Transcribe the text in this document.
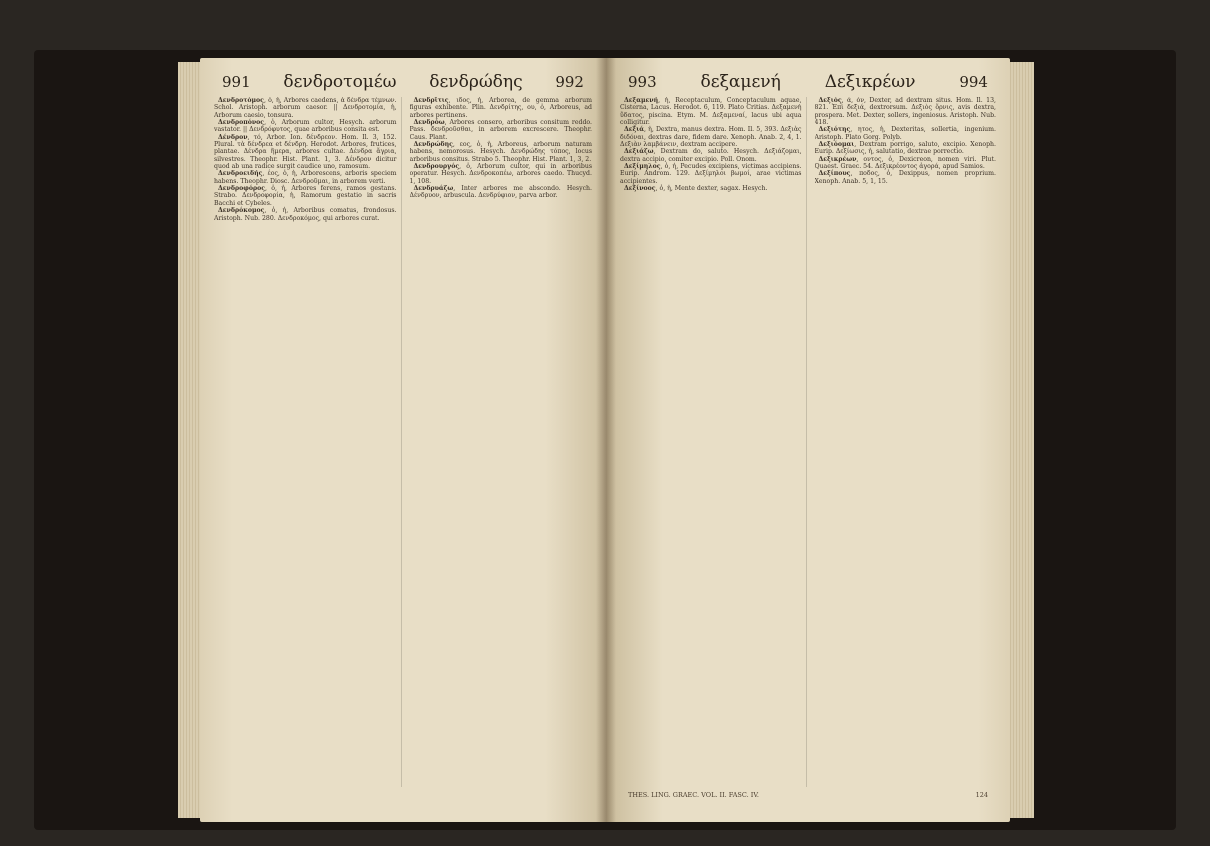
991 δενδροτομέω δενδρώδης 992

Δενδροτόμος, ὁ, ἡ, Arbores caedens, ἀ δένδρα τέμνων. Schol. Aristoph. arborum caesor. || Δενδροτομία, ἡ, Arborum caesio, tonsura.

Δενδροπόνος, ὁ, Arborum cultor, Hesych. arborum vastator. || Δενδρόφυτος, quae arboribus consita est.

Δένδρον, τό, Arbor. Ion. δένδρεον. Hom. Il. 3, 152. Plural. τὰ δένδρεα et δένδρη. Herodot. Arbores, frutices, plantae. Δένδρα ἥμερα, arbores cultae. Δένδρα ἄγρια, silvestres. Theophr. Hist. Plant. 1, 3. Δένδρον dicitur quod ab una radice surgit caudice uno, ramosum.

Δενδροειδής, έος, ὁ, ἡ, Arborescens, arboris speciem habens. Theophr. Diosc. Δενδροῦμαι, in arborem verti.

Δενδροφόρος, ὁ, ἡ, Arbores ferens, ramos gestans. Strabo. Δενδροφορία, ἡ, Ramorum gestatio in sacris Bacchi et Cybeles.

Δενδρόκομος, ὁ, ἡ, Arboribus comatus, frondosus. Aristoph. Nub. 280. Δενδροκόμος, qui arbores curat.

Δενδρῖτις, ιδος, ἡ, Arborea, de gemma arborum figuras exhibente. Plin. Δενδρίτης, ου, ὁ, Arboreus, ad arbores pertinens.

Δενδρόω, Arbores consero, arboribus consitum reddo. Pass. δενδροῦσθαι, in arborem excrescere. Theophr. Caus. Plant.

Δενδρώδης, εος, ὁ, ἡ, Arboreus, arborum naturam habens, nemorosus. Hesych. Δενδρώδης τόπος, locus arboribus consitus. Strabo 5. Theophr. Hist. Plant. 1, 3, 2.

Δενδρουργός, ὁ, Arborum cultor, qui in arboribus operatur. Hesych. Δενδροκοπέω, arbores caedo. Thucyd. 1, 108.

Δενδρυάζω, Inter arbores me abscondo. Hesych. Δένδρυον, arbuscula. Δενδρύφιον, parva arbor.

993	δεξαμενή	Δεξικρέων	994

Δεξαμενή, ἡ, Receptaculum, Conceptaculum aquae, Cisterna, Lacus. Herodot. 6, 119. Plato Critias. Δεξαμενὴ ὕδατος, piscina. Etym. M. Δεξαμεναί, lacus ubi aqua colligitur.

Δεξιά, ἡ, Dextra, manus dextra. Hom. Il. 5, 393. Δεξιὰς διδόναι, dextras dare, fidem dare. Xenoph. Anab. 2, 4, 1. Δεξιὰν λαμβάνειν, dextram accipere.

Δεξιάζω, Dextram do, saluto. Hesych. Δεξιάζομαι, dextra accipio, comiter excipio. Poll. Onom.

Δεξίμηλος, ὁ, ἡ, Pecudes excipiens, victimas accipiens. Eurip. Androm. 129. Δεξίμηλοι βωμοί, arae victimas accipientes.

Δεξίνοος, ὁ, ἡ, Mente dexter, sagax. Hesych.

Δεξιός, ά, όν, Dexter, ad dextram situs. Hom. Il. 13, 821. Ἐπὶ δεξιά, dextrorsum. Δεξιὸς ὄρνις, avis dextra, prospera. Met. Dexter, sollers, ingeniosus. Aristoph. Nub. 418.

Δεξιότης, ητος, ἡ, Dexteritas, sollertia, ingenium. Aristoph. Plato Gorg. Polyb.

Δεξιόομαι, Dextram porrigo, saluto, excipio. Xenoph. Eurip. Δεξίωσις, ἡ, salutatio, dextrae porrectio.

Δεξικρέων, οντος, ὁ, Dexicreon, nomen viri. Plut. Quaest. Graec. 54. Δεξικρέοντος ἀγορά, apud Samios.

Δεξίπους, ποδος, ὁ, Dexippus, nomen proprium. Xenoph. Anab. 5, 1, 15.

THES. LING. GRAEC. VOL. II. FASC. IV.	124
